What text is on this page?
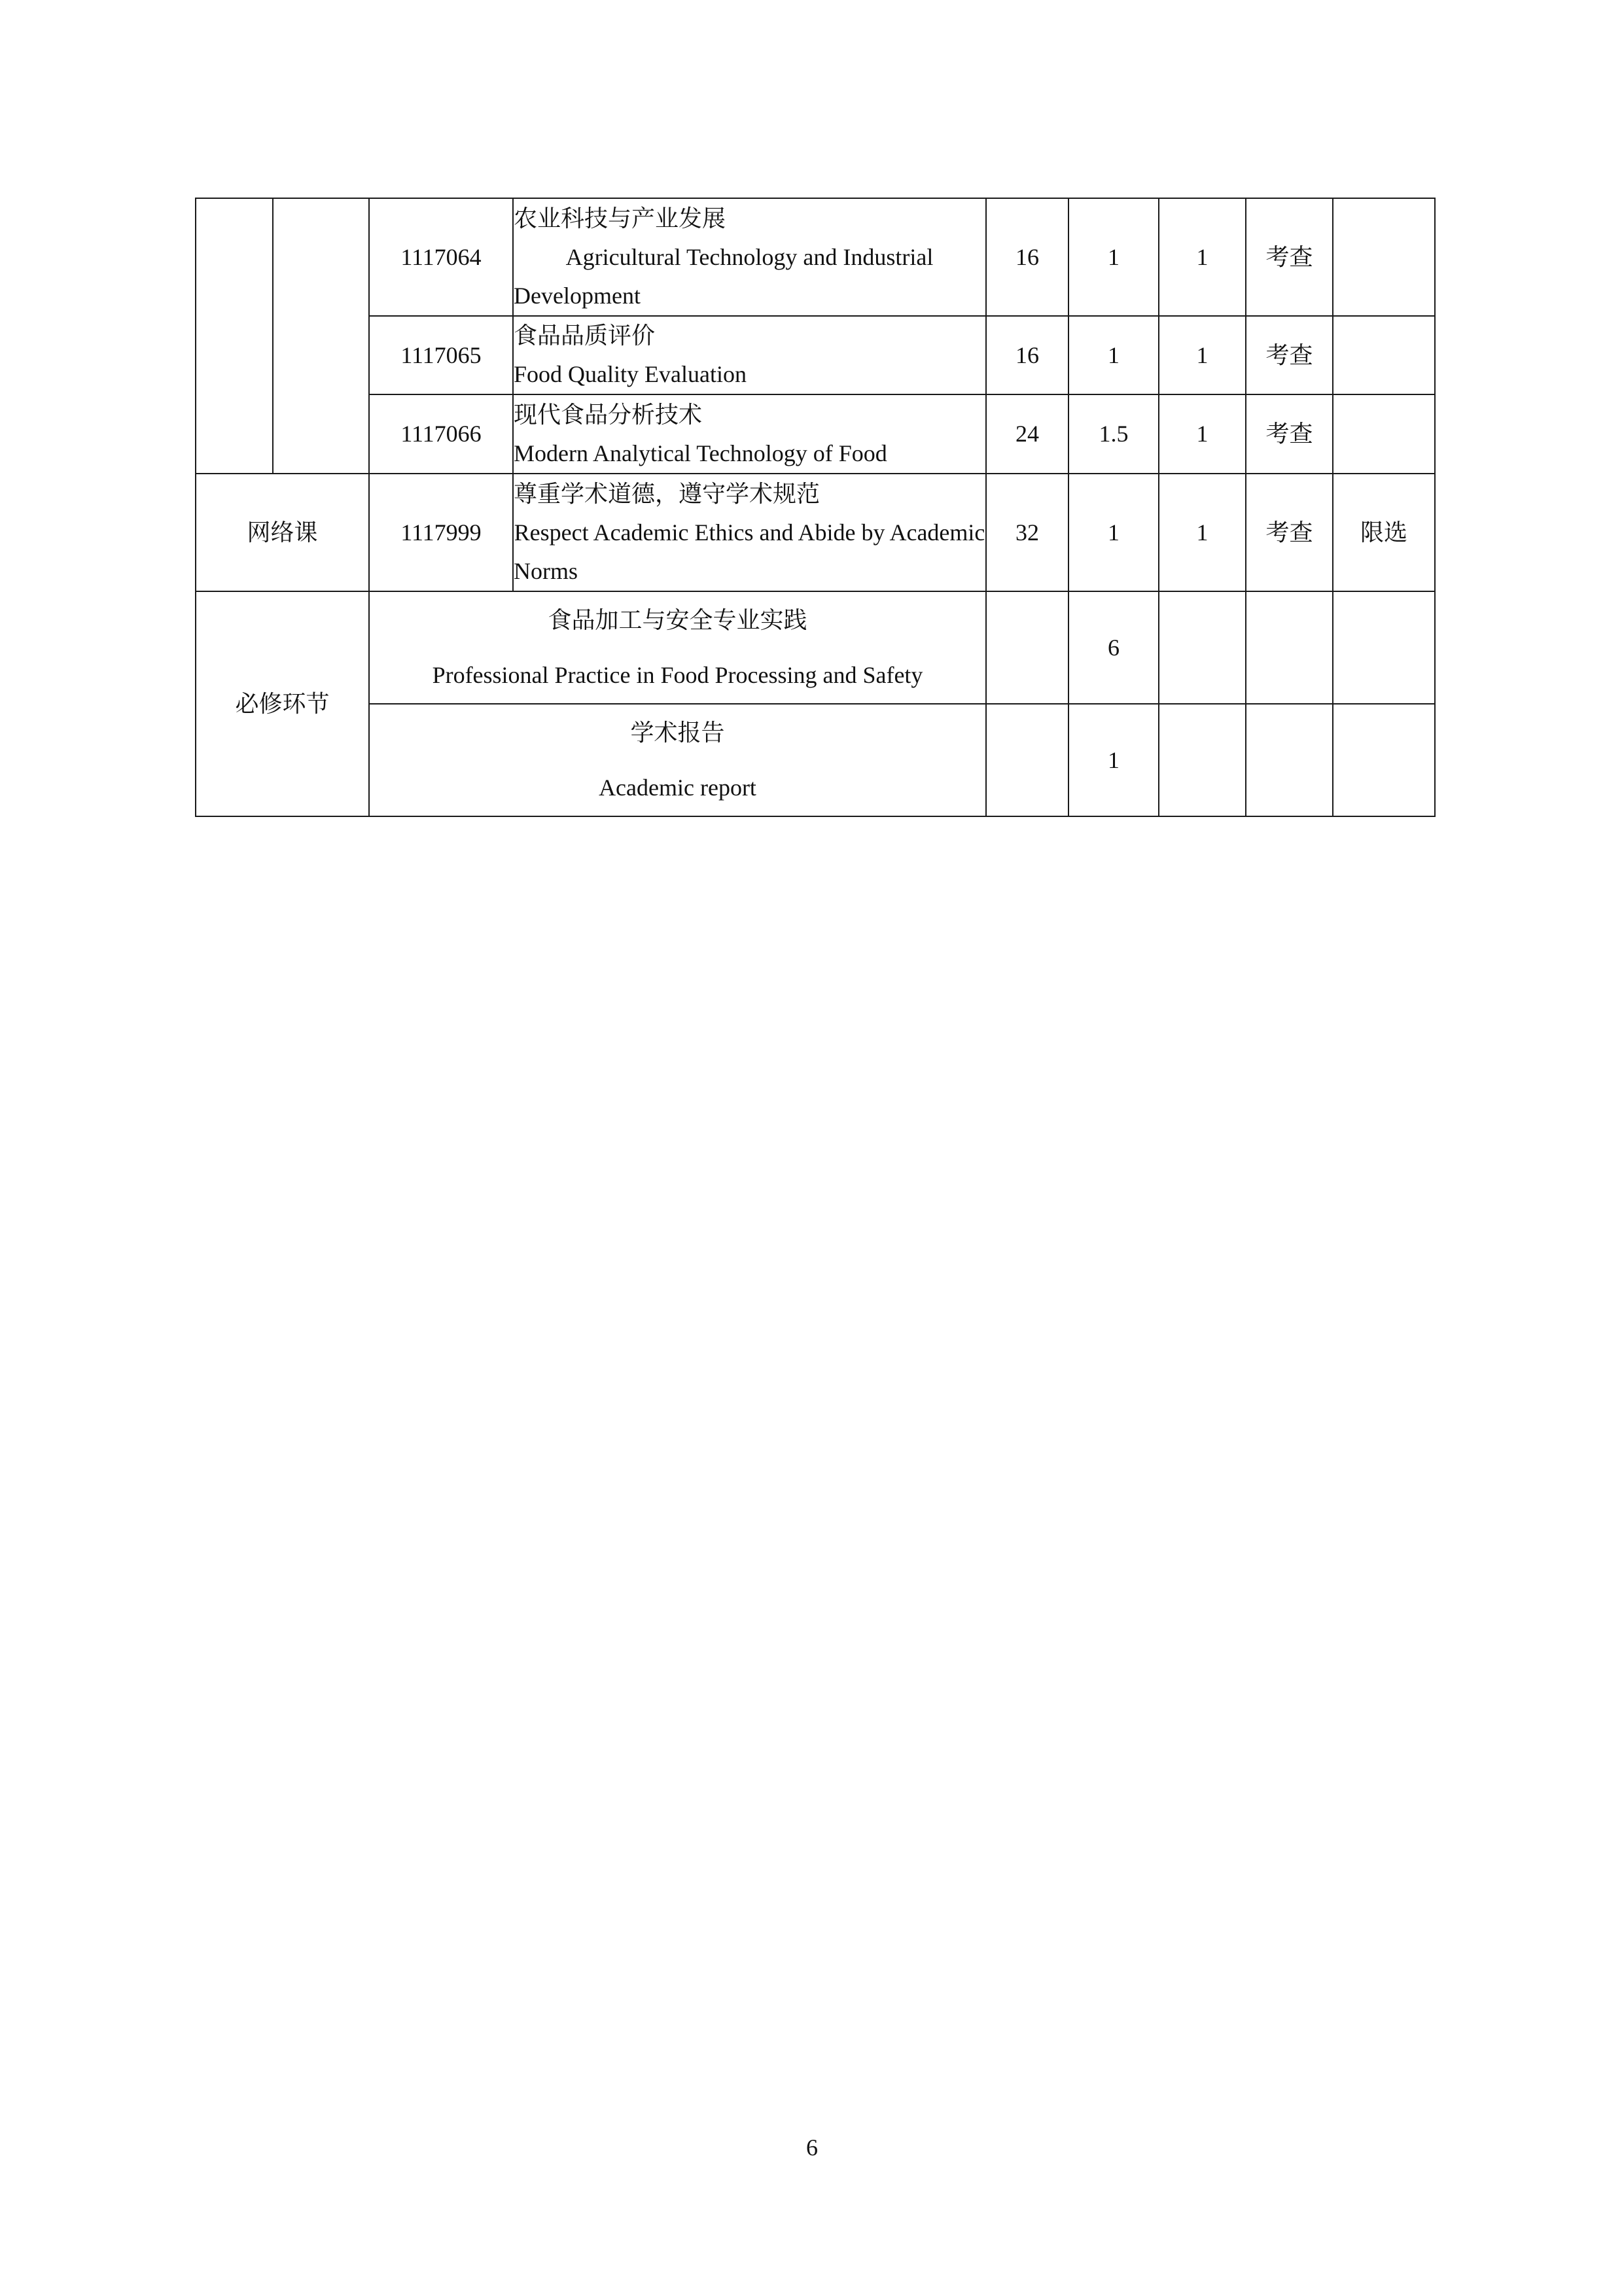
		1117064	农业科技与产业发展
Agricultural Technology and Industrial Development	16	1	1	考查	
		1117065	食品品质评价
Food Quality Evaluation	16	1	1	考查	
		1117066	现代食品分析技术
Modern Analytical Technology of Food	24	1.5	1	考查	
网络课		1117999	尊重学术道德，遵守学术规范
Respect Academic Ethics and Abide by Academic Norms	32	1	1	考查	限选
必修环节		食品加工与安全专业实践
Professional Practice in Food Processing and Safety			6			

		学术报告
Academic report			1			
6
